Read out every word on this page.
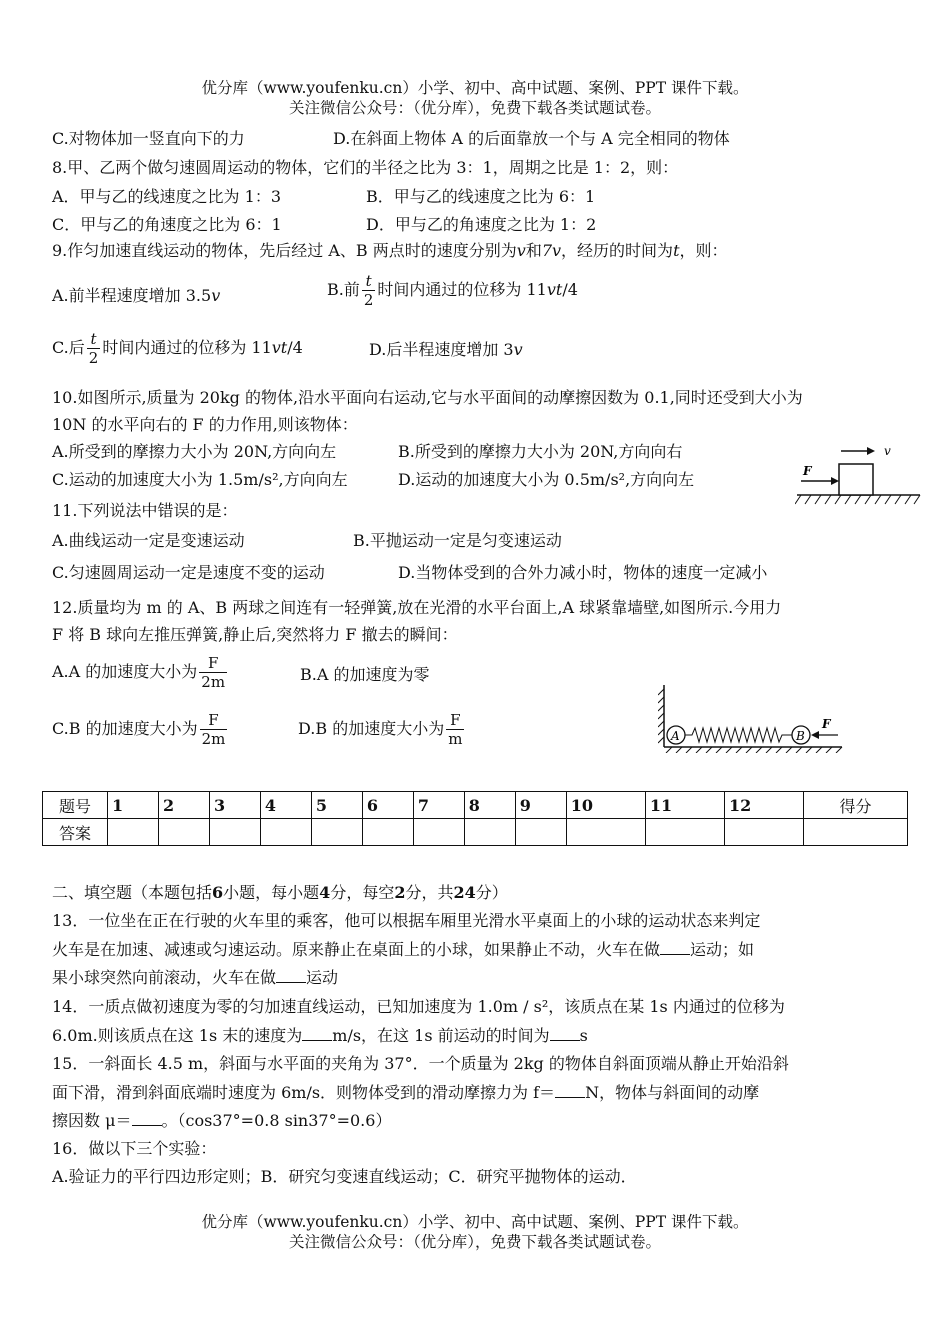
优分库（www.youfenku.cn）小学、初中、高中试题、案例、PPT 课件下载。
关注微信公众号：（优分库），免费下载各类试题试卷。
C.对物体加一竖直向下的力	D.在斜面上物体 A 的后面靠放一个与 A 完全相同的物体
8.甲、乙两个做匀速圆周运动的物体，它们的半径之比为 3：1，周期之比是 1：2，则：
A．甲与乙的线速度之比为 1：3	B．甲与乙的线速度之比为 6：1
C．甲与乙的角速度之比为 6：1	D．甲与乙的角速度之比为 1：2
9.作匀加速直线运动的物体，先后经过 A、B 两点时的速度分别为v和7v，经历的时间为t，则：
A.前半程速度增加 3.5v	B.前 $\frac{t}{2}$ 时间内通过的位移为 11vt/4
C.后 $\frac{t}{2}$ 时间内通过的位移为 11vt/4	D.后半程速度增加 3v
10.如图所示,质量为 20kg 的物体,沿水平面向右运动,它与水平面间的动摩擦因数为 0.1,同时还受到大小为
10N 的水平向右的 F 的力作用,则该物体：
A.所受到的摩擦力大小为 20N,方向向左	B.所受到的摩擦力大小为 20N,方向向右
C.运动的加速度大小为 1.5m/s²,方向向左	D.运动的加速度大小为 0.5m/s²,方向向左	F
v
11.下列说法中错误的是：
A.曲线运动一定是变速运动	B.平抛运动一定是匀变速运动
C.匀速圆周运动一定是速度不变的运动	D.当物体受到的合外力减小时，物体的速度一定减小
12.质量均为 m 的 A、B 两球之间连有一轻弹簧,放在光滑的水平台面上,A 球紧靠墙壁,如图所示.今用力
F 将 B 球向左推压弹簧,静止后,突然将力 F 撤去的瞬间：
A.A 的加速度大小为 $\frac{F}{2m}$	B.A 的加速度为零
C.B 的加速度大小为 $\frac{F}{2m}$	D.B 的加速度大小为 $\frac{F}{m}$	A	B
F
题号	1	2	3	4	5	6	7	8	9	10	11	12	得分
答案													
二、填空题（本题包括6小题，每小题4分，每空2分，共24分）
13．一位坐在正在行驶的火车里的乘客，他可以根据车厢里光滑水平桌面上的小球的运动状态来判定
火车是在加速、减速或匀速运动。原来静止在桌面上的小球，如果静止不动，火车在做 运动；如
果小球突然向前滚动，火车在做 运动
14．一质点做初速度为零的匀加速直线运动，已知加速度为 1.0m / s²，该质点在某 1s 内通过的位移为
6.0m.则该质点在这 1s 末的速度为 m/s，在这 1s 前运动的时间为 s
15．一斜面长 4.5 m，斜面与水平面的夹角为 37°．一个质量为 2kg 的物体自斜面顶端从静止开始沿斜
面下滑，滑到斜面底端时速度为 6m/s．则物体受到的滑动摩擦力为 f＝ N，物体与斜面间的动摩
擦因数 μ＝ 。（cos37°=0.8 sin37°=0.6）
16．做以下三个实验：
A.验证力的平行四边形定则；B．研究匀变速直线运动；C．研究平抛物体的运动．
优分库（www.youfenku.cn）小学、初中、高中试题、案例、PPT 课件下载。
关注微信公众号：（优分库），免费下载各类试题试卷。
